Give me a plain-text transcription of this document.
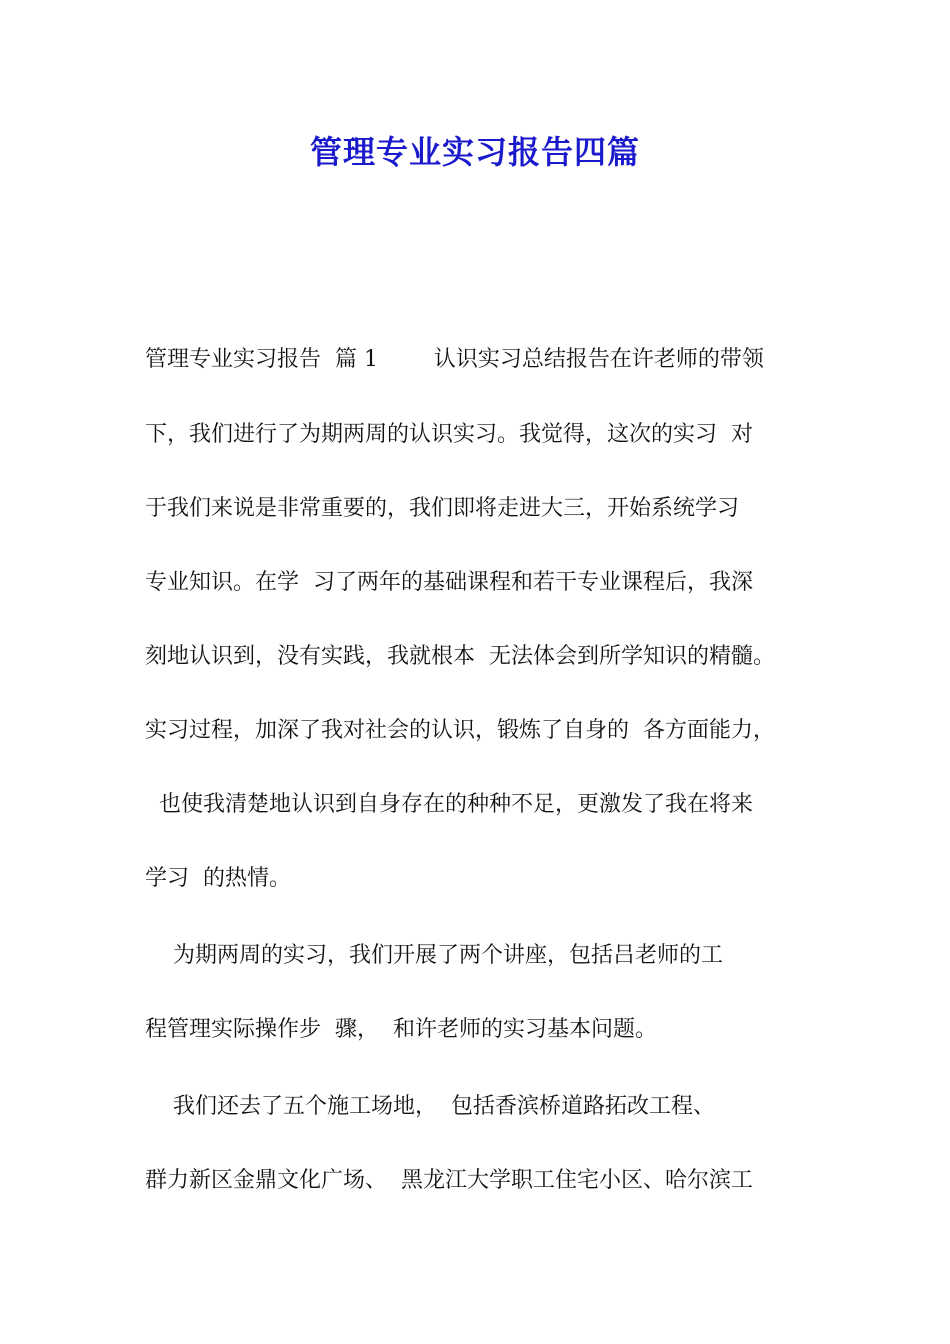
管理专业实习报告四篇
管理专业实习报告  篇 1        认识实习总结报告在许老师的带领
下，我们进行了为期两周的认识实习。我觉得，这次的实习  对
于我们来说是非常重要的，我们即将走进大三，开始系统学习
专业知识。在学  习了两年的基础课程和若干专业课程后，我深
刻地认识到，没有实践，我就根本  无法体会到所学知识的精髓。
实习过程，加深了我对社会的认识，锻炼了自身的  各方面能力，
也使我清楚地认识到自身存在的种种不足，更激发了我在将来
学习  的热情。
为期两周的实习，我们开展了两个讲座，包括吕老师的工
程管理实际操作步  骤，  和许老师的实习基本问题。
我们还去了五个施工场地，  包括香滨桥道路拓改工程、
群力新区金鼎文化广场、  黑龙江大学职工住宅小区、哈尔滨工
